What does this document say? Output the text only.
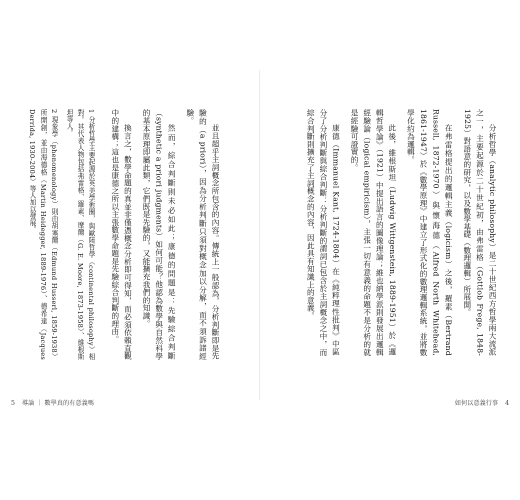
並且超乎主詞概念所包含的內容。傳統上一般認為，分析判斷即是先驗的（a priori），因為分析判斷只須對概念加以分解，而不須訴諸經驗。

然而，綜合判斷則未必如此；康德的問題是：先驗綜合判斷（synthetic a priori judgments）如何可能？他認為數學與自然科學的基本原理即屬此類，它們既是先驗的，又能擴充我們的知識。

換言之，數學命題的真並非僅憑概念分析即可得知，而必須依賴直觀中的建構；這也是康德之所以主張數學命題是先驗綜合判斷的理由。

1 分析哲學主要起源於英美學術圈，與歐陸哲學（continental philosophy）相對。其代表人物包括弗雷格、羅素、摩爾（G. E. Moore, 1873-1958）、維根斯坦等人。

2 現象學（phenomenology）則由胡塞爾（Edmund Husserl, 1859-1938）所開創，並由海德格（Martin Heidegger, 1889-1976）、德希達（Jacques Derrida, 1930-2004）等人加以發展。

5 導論 ｜ 數學真的有意義嗎

分析哲學（analytic philosophy）是二十世紀西方哲學兩大流派之一，主要起源於二十世紀初，由弗雷格（Gottlob Frege, 1848-1925）對語意的研究，以及數學基礎（數理邏輯）所展開。

在弗雷格提出的邏輯主義（logicism）之後，羅素（Bertrand Russell, 1872-1970）與懷海德（Alfred North Whitehead, 1861-1947）於《數學原理》中建立了形式化的數理邏輯系統，並將數學化約為邏輯。

此後，維根斯坦（Ludwig Wittgenstein, 1889-1951）於《邏輯哲學論》（1921）中提出語言的圖像理論；維也納學派則發展出邏輯經驗論（logical empiricism），主張一切有意義的命題不是分析的就是經驗可證實的。

康德（Immanuel Kant, 1724-1804）在《純粹理性批判》中區分了分析判斷與綜合判斷：分析判斷的謂詞已包含於主詞概念之中，而綜合判斷則擴充了主詞概念的內容，因此具有知識上的意義。

如何以意義行事 4
